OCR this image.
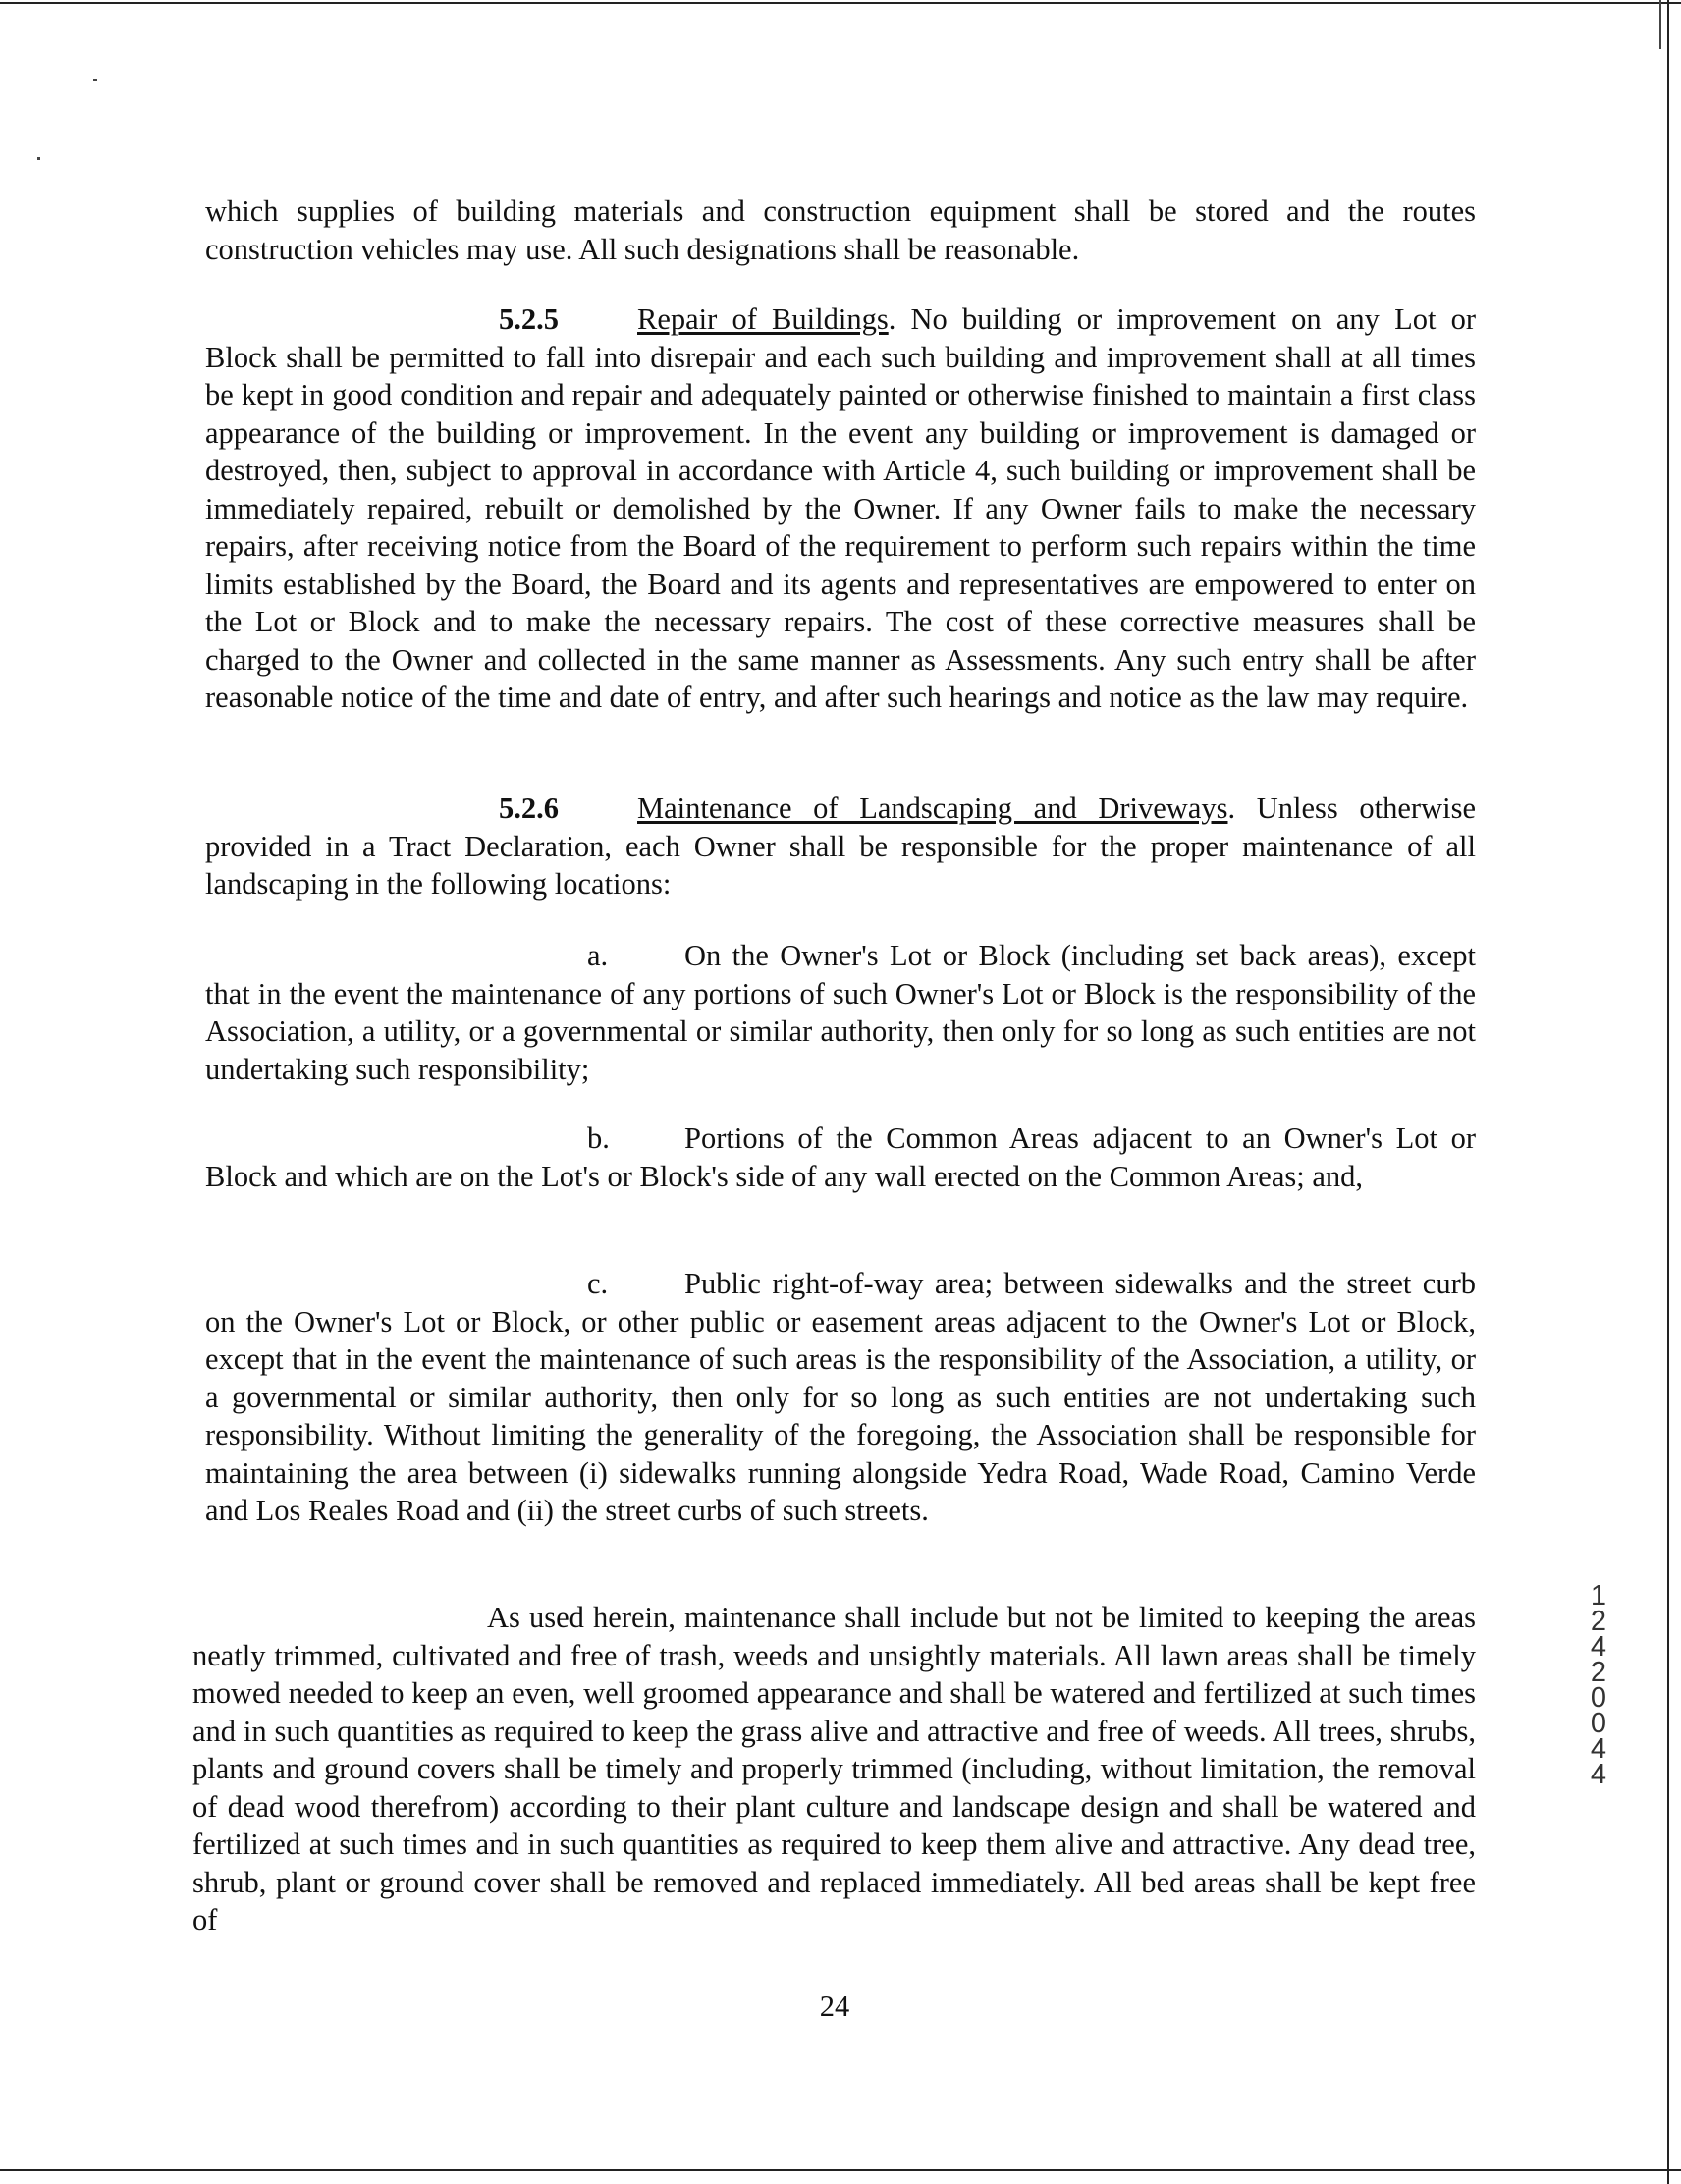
which supplies of building materials and construction equipment shall be stored and the routes construction vehicles may use. All such designations shall be reasonable.

5.2.5	Repair of Buildings. No building or improvement on any Lot or Block shall be permitted to fall into disrepair and each such building and improvement shall at all times be kept in good condition and repair and adequately painted or otherwise finished to maintain a first class appearance of the building or improvement. In the event any building or improvement is damaged or destroyed, then, subject to approval in accordance with Article 4, such building or improvement shall be immediately repaired, rebuilt or demolished by the Owner. If any Owner fails to make the necessary repairs, after receiving notice from the Board of the requirement to perform such repairs within the time limits established by the Board, the Board and its agents and representatives are empowered to enter on the Lot or Block and to make the necessary repairs. The cost of these corrective measures shall be charged to the Owner and collected in the same manner as Assessments. Any such entry shall be after reasonable notice of the time and date of entry, and after such hearings and notice as the law may require.

5.2.6	Maintenance of Landscaping and Driveways. Unless otherwise provided in a Tract Declaration, each Owner shall be responsible for the proper maintenance of all landscaping in the following locations:

a.	On the Owner's Lot or Block (including set back areas), except that in the event the maintenance of any portions of such Owner's Lot or Block is the responsibility of the Association, a utility, or a governmental or similar authority, then only for so long as such entities are not undertaking such responsibility;

b. Portions of the Common Areas adjacent to an Owner's Lot or Block and which are on the Lot's or Block's side of any wall erected on the Common Areas; and,

c.	Public right-of-way area; between sidewalks and the street curb on the Owner's Lot or Block, or other public or easement areas adjacent to the Owner's Lot or Block, except that in the event the maintenance of such areas is the responsibility of the Association, a utility, or a governmental or similar authority, then only for so long as such entities are not undertaking such responsibility. Without limiting the generality of the foregoing, the Association shall be responsible for maintaining the area between (i) sidewalks running alongside Yedra Road, Wade Road, Camino Verde and Los Reales Road and (ii) the street curbs of such streets.

As used herein, maintenance shall include but not be limited to keeping the areas neatly trimmed, cultivated and free of trash, weeds and unsightly materials. All lawn areas shall be timely mowed needed to keep an even, well groomed appearance and shall be watered and fertilized at such times and in such quantities as required to keep the grass alive and attractive and free of weeds. All trees, shrubs, plants and ground covers shall be timely and properly trimmed (including, without limitation, the removal of dead wood therefrom) according to their plant culture and landscape design and shall be watered and fertilized at such times and in such quantities as required to keep them alive and attractive. Any dead tree, shrub, plant or ground cover shall be removed and replaced immediately. All bed areas shall be kept free of

24
1
2
4
2
0
0
4
4
